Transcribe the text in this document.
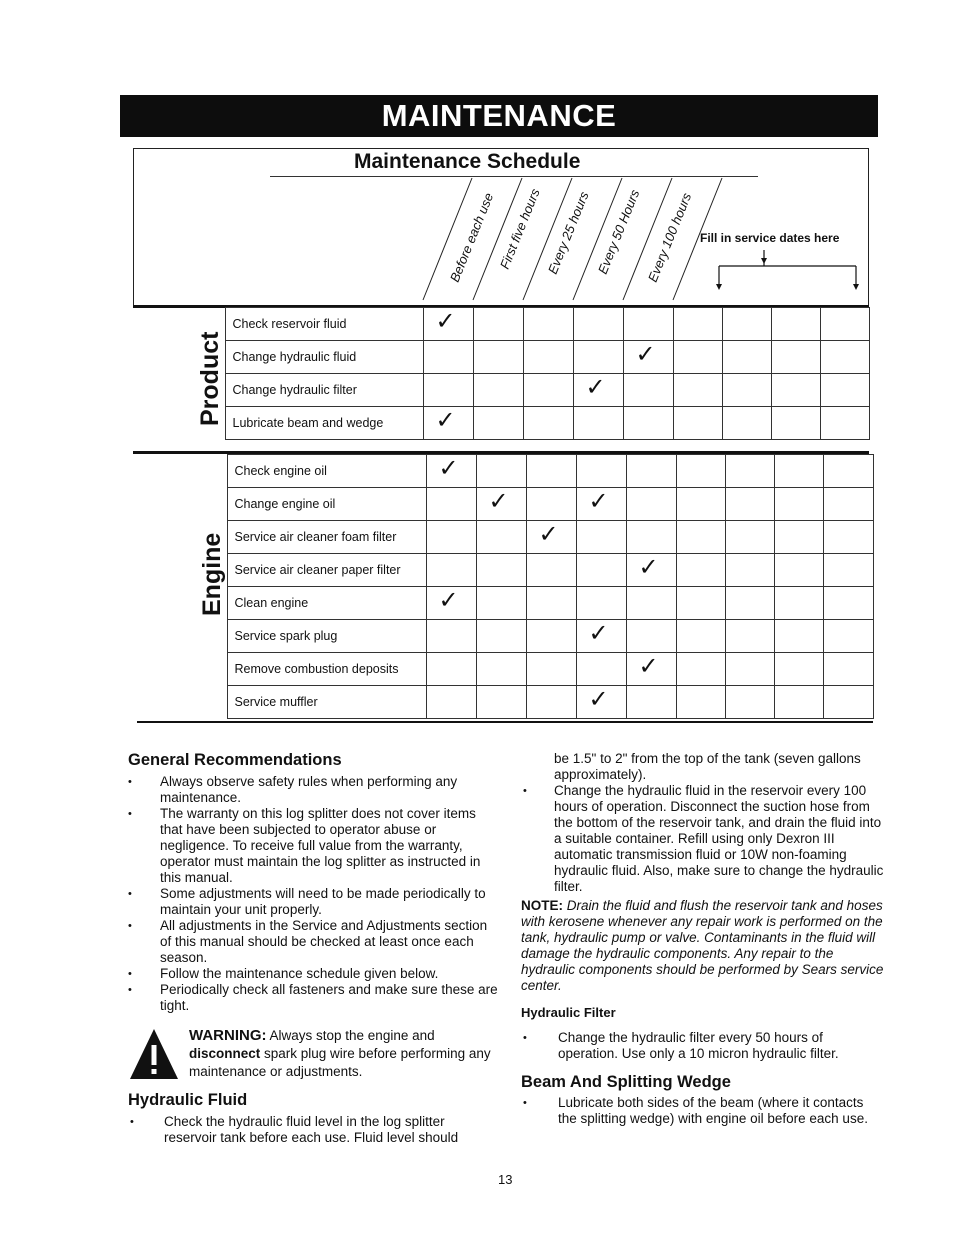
MAINTENANCE
Maintenance Schedule
Before each use First five hours Every 25 hours Every 50 Hours Every 100 hours Fill in service dates here
	Check reservoir fluid	✓								

	Change hydraulic fluid					✓				

	Change hydraulic filter				✓					

	Lubricate beam and wedge	✓								

Product
	Check engine oil	✓								

	Change engine oil		✓		✓					

	Service air cleaner foam filter			✓						

	Service air cleaner paper filter					✓				

	Clean engine	✓								

	Service spark plug				✓					

	Remove combustion deposits					✓				

	Service muffler				✓					

Engine

General Recommendations

• Always observe safety rules when performing any maintenance.
• The warranty on this log splitter does not cover items that have been subjected to operator abuse or negligence. To receive full value from the warranty, operator must maintain the log splitter as instructed in this manual.
• Some adjustments will need to be made periodically to maintain your unit properly.
• All adjustments in the Service and Adjustments section of this manual should be checked at least once each season.
• Follow the maintenance schedule given below.
• Periodically check all fasteners and make sure these are tight.
WARNING: Always stop the engine and disconnect spark plug wire before performing any maintenance or adjustments.

Hydraulic Fluid

• Check the hydraulic fluid level in the log splitter reservoir tank before each use. Fluid level should

be 1.5" to 2" from the top of the tank (seven gallons approximately).

• Change the hydraulic fluid in the reservoir every 100 hours of operation. Disconnect the suction hose from the bottom of the reservoir tank, and drain the fluid into a suitable container. Refill using only Dexron III automatic transmission fluid or 10W non-foaming hydraulic fluid. Also, make sure to change the hydraulic filter.

NOTE: Drain the fluid and flush the reservoir tank and hoses with kerosene whenever any repair work is performed on the tank, hydraulic pump or valve. Contaminants in the fluid will damage the hydraulic components. Any repair to the hydraulic components should be performed by Sears service center.

Hydraulic Filter

• Change the hydraulic filter every 50 hours of operation. Use only a 10 micron hydraulic filter.

Beam And Splitting Wedge

• Lubricate both sides of the beam (where it contacts the splitting wedge) with engine oil before each use.
13
